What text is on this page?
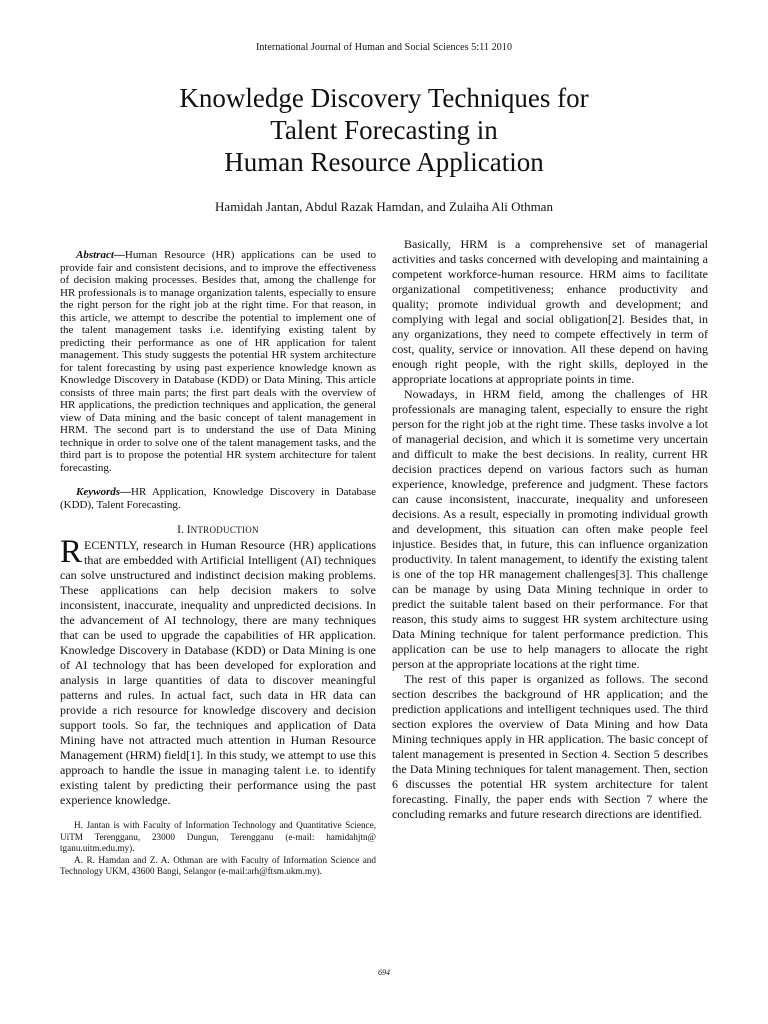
International Journal of Human and Social Sciences 5:11 2010
Knowledge Discovery Techniques for
Talent Forecasting in
Human Resource Application
Hamidah Jantan, Abdul Razak Hamdan, and Zulaiha Ali Othman

Abstract—Human Resource (HR) applications can be used to provide fair and consistent decisions, and to improve the effectiveness of decision making processes. Besides that, among the challenge for HR professionals is to manage organization talents, especially to ensure the right person for the right job at the right time. For that reason, in this article, we attempt to describe the potential to implement one of the talent management tasks i.e. identifying existing talent by predicting their performance as one of HR application for talent management. This study suggests the potential HR system architecture for talent forecasting by using past experience knowledge known as Knowledge Discovery in Database (KDD) or Data Mining. This article consists of three main parts; the first part deals with the overview of HR applications, the prediction techniques and application, the general view of Data mining and the basic concept of talent management in HRM. The second part is to understand the use of Data Mining technique in order to solve one of the talent management tasks, and the third part is to propose the potential HR system architecture for talent forecasting.

Keywords—HR Application, Knowledge Discovery in Database (KDD), Talent Forecasting.

I. INTRODUCTION

RECENTLY, research in Human Resource (HR) applications that are embedded with Artificial Intelligent (AI) techniques can solve unstructured and indistinct decision making problems. These applications can help decision makers to solve inconsistent, inaccurate, inequality and unpredicted decisions. In the advancement of AI technology, there are many techniques that can be used to upgrade the capabilities of HR application. Knowledge Discovery in Database (KDD) or Data Mining is one of AI technology that has been developed for exploration and analysis in large quantities of data to discover meaningful patterns and rules. In actual fact, such data in HR data can provide a rich resource for knowledge discovery and decision support tools. So far, the techniques and application of Data Mining have not attracted much attention in Human Resource Management (HRM) field[1]. In this study, we attempt to use this approach to handle the issue in managing talent i.e. to identify existing talent by predicting their performance using the past experience knowledge.

H. Jantan is with Faculty of Information Technology and Quantitative Science, UiTM Terengganu, 23000 Dungun, Terengganu (e-mail: hamidahjtn@ tganu.uitm.edu.my).

A. R. Hamdan and Z. A. Othman are with Faculty of Information Science and Technology UKM, 43600 Bangi, Selangor (e-mail:arh@ftsm.ukm.my).

Basically, HRM is a comprehensive set of managerial activities and tasks concerned with developing and maintaining a competent workforce-human resource. HRM aims to facilitate organizational competitiveness; enhance productivity and quality; promote individual growth and development; and complying with legal and social obligation[2]. Besides that, in any organizations, they need to compete effectively in term of cost, quality, service or innovation. All these depend on having enough right people, with the right skills, deployed in the appropriate locations at appropriate points in time.

Nowadays, in HRM field, among the challenges of HR professionals are managing talent, especially to ensure the right person for the right job at the right time. These tasks involve a lot of managerial decision, and which it is sometime very uncertain and difficult to make the best decisions. In reality, current HR decision practices depend on various factors such as human experience, knowledge, preference and judgment. These factors can cause inconsistent, inaccurate, inequality and unforeseen decisions. As a result, especially in promoting individual growth and development, this situation can often make people feel injustice. Besides that, in future, this can influence organization productivity. In talent management, to identify the existing talent is one of the top HR management challenges[3]. This challenge can be manage by using Data Mining technique in order to predict the suitable talent based on their performance. For that reason, this study aims to suggest HR system architecture using Data Mining technique for talent performance prediction. This application can be use to help managers to allocate the right person at the appropriate locations at the right time.

The rest of this paper is organized as follows. The second section describes the background of HR application; and the prediction applications and intelligent techniques used. The third section explores the overview of Data Mining and how Data Mining techniques apply in HR application. The basic concept of talent management is presented in Section 4. Section 5 describes the Data Mining techniques for talent management. Then, section 6 discusses the potential HR system architecture for talent forecasting. Finally, the paper ends with Section 7 where the concluding remarks and future research directions are identified.

694
